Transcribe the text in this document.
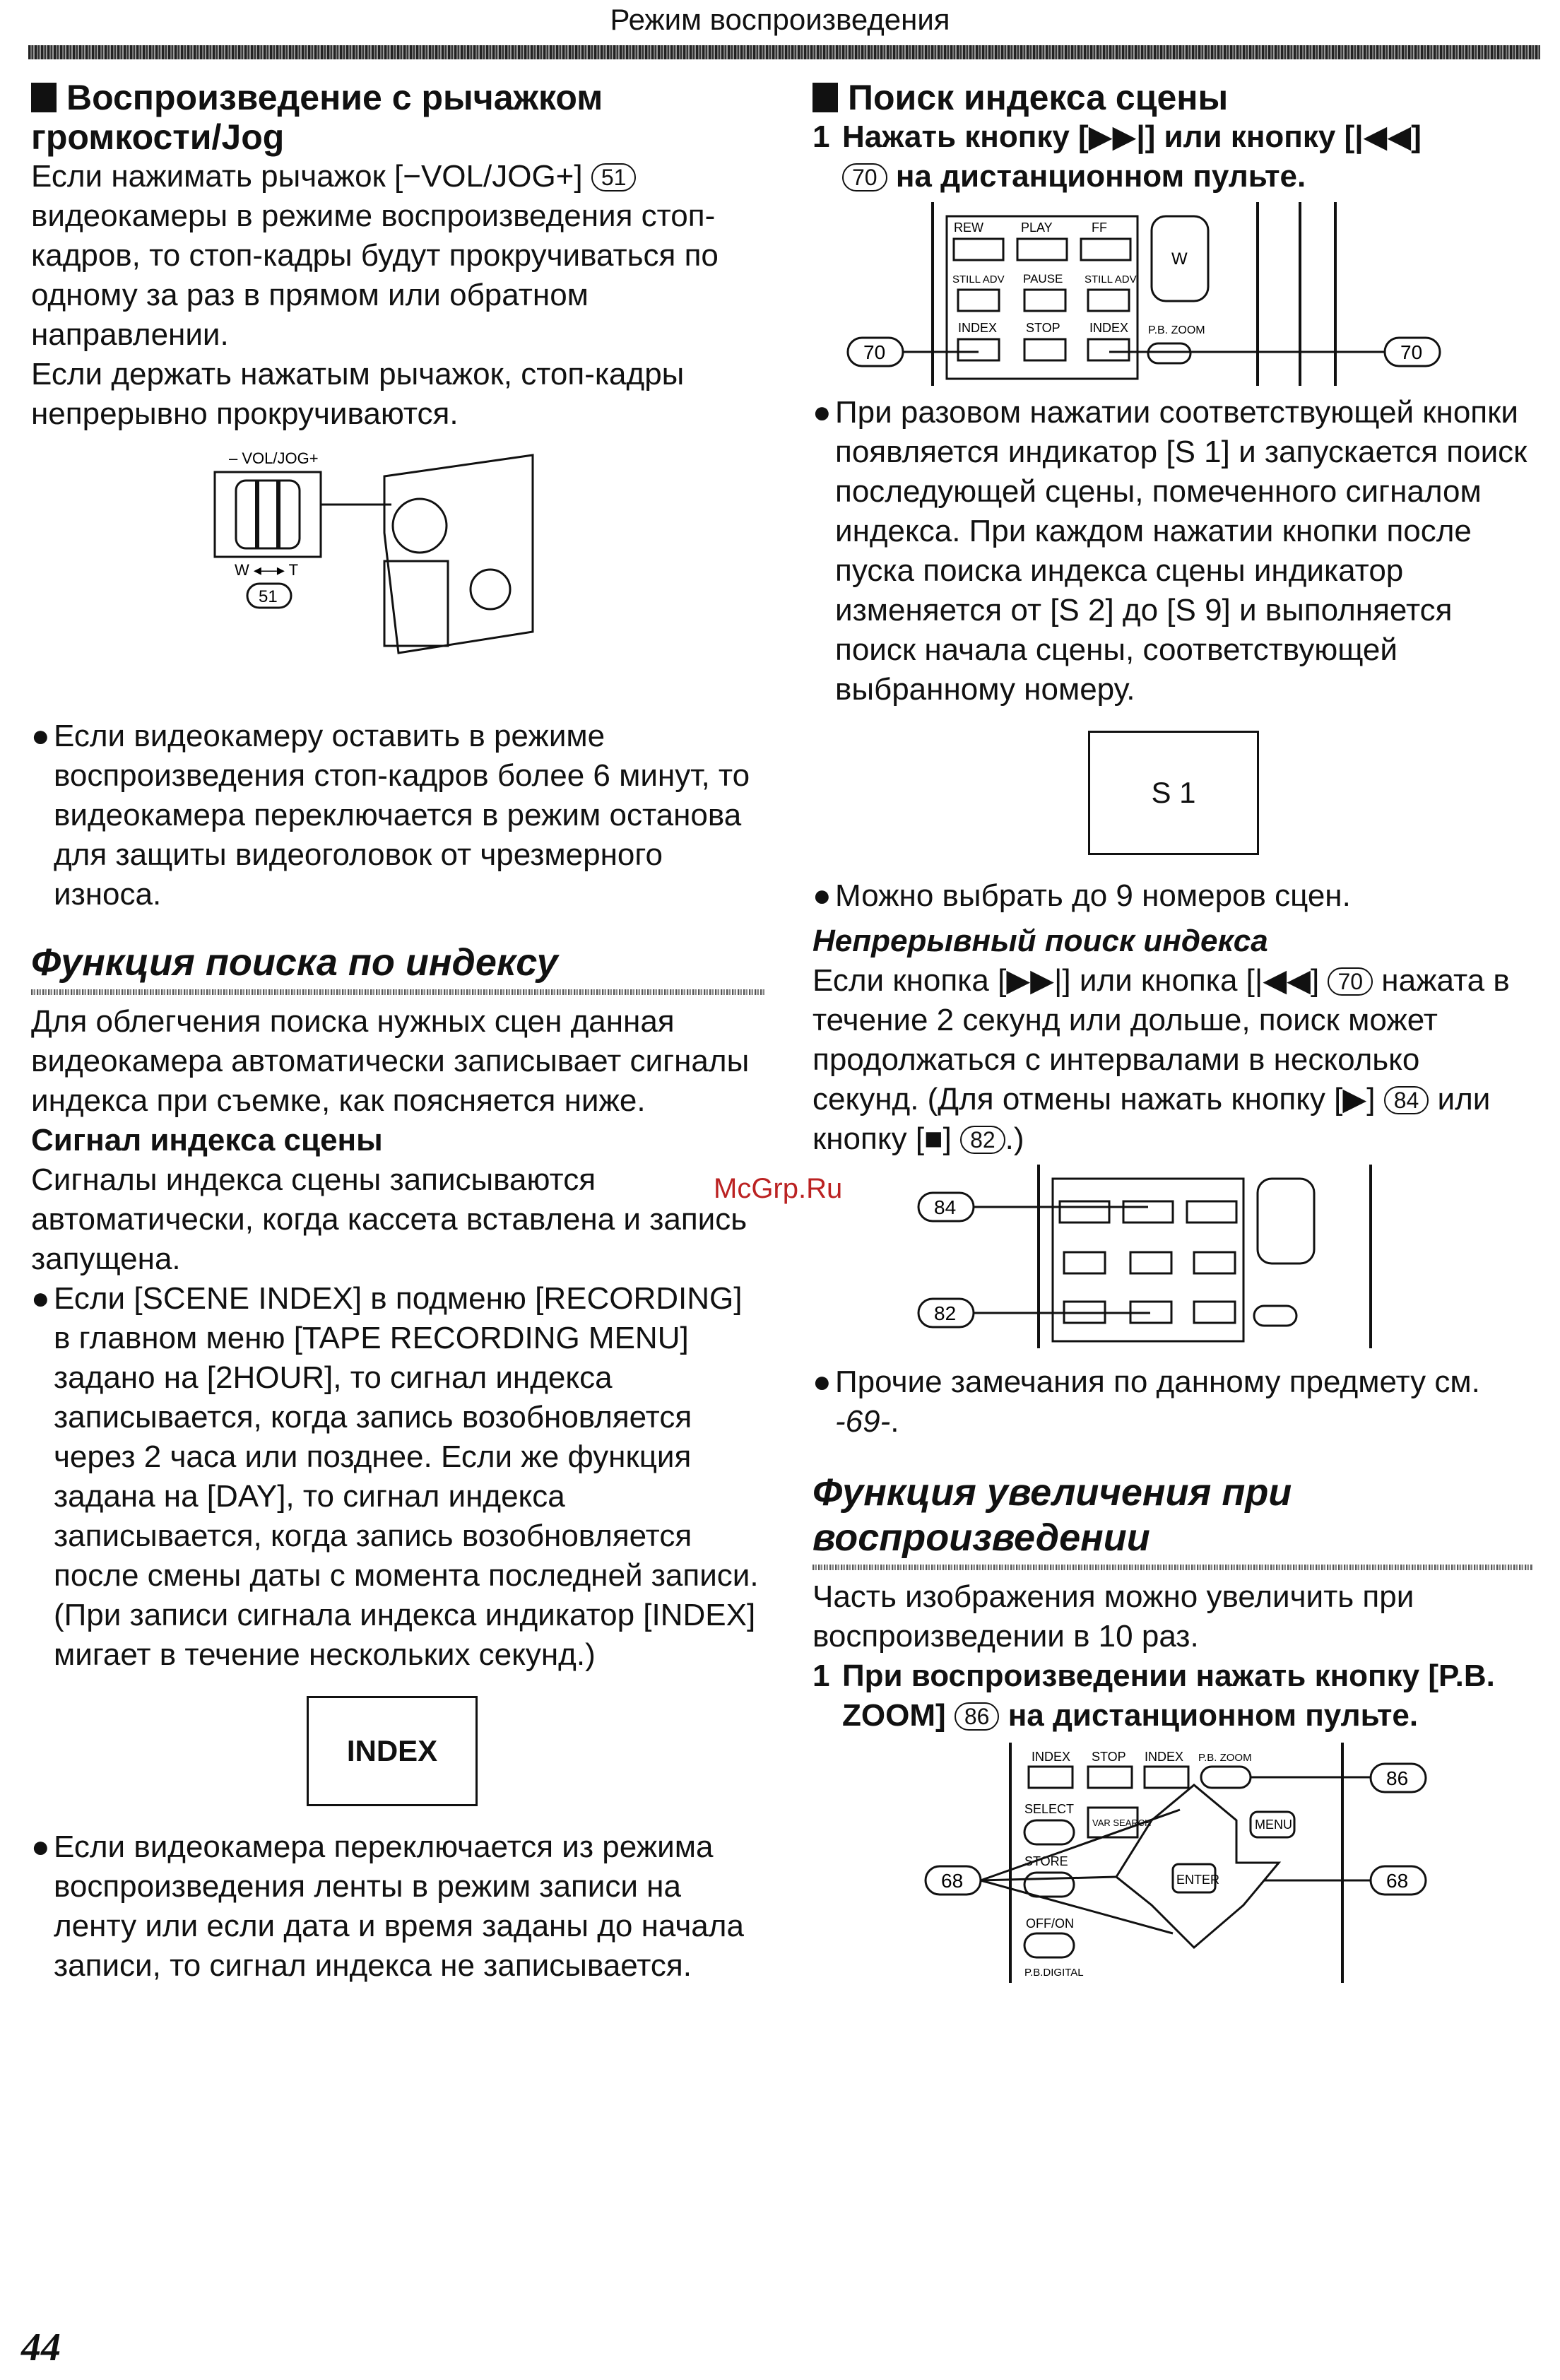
Режим воспроизведения
Воспроизведение с рычажком громкости/Jog

Если нажимать рычажок [−VOL/JOG+] 51 видеокамеры в режиме воспроизведения стоп-кадров, то стоп-кадры будут прокручиваться по одному за раз в прямом или обратном направлении.

Если держать нажатым рычажок, стоп-кадры непрерывно прокручиваются.

– VOL/JOG+
W ◂—▸ T
51

● Если видеокамеру оставить в режиме воспроизведения стоп-кадров более 6 минут, то видеокамера переключается в режим останова для защиты видеоголовок от чрезмерного износа.

Функция поиска по индексу

Для облегчения поиска нужных сцен данная видеокамера автоматически записывает сигналы индекса при съемке, как поясняется ниже.

Сигнал индекса сцены

Сигналы индекса сцены записываются автоматически, когда кассета вставлена и запись запущена.

● Если [SCENE INDEX] в подменю [RECORDING] в главном меню [TAPE RECORDING MENU] задано на [2HOUR], то сигнал индекса записывается, когда запись возобновляется через 2 часа или позднее. Если же функция задана на [DAY], то сигнал индекса записывается, когда запись возобновляется после смены даты с момента последней записи. (При записи сигнала индекса индикатор [INDEX] мигает в течение нескольких секунд.)

INDEX

● Если видеокамера переключается из режима воспроизведения ленты в режим записи на ленту или если дата и время заданы до начала записи, то сигнал индекса не записывается.

Поиск индекса сцены
1 Нажать кнопку [▶▶|] или кнопку [|◀◀]
70 на дистанционном пульте.
REW	PLAY	FF
STILL ADV PAUSE STILL ADV
INDEX STOP INDEX P.B. ZOOM
W
70	70

● При разовом нажатии соответствующей кнопки появляется индикатор [S 1] и запускается поиск последующей сцены, помеченного сигналом индекса. При каждом нажатии кнопки после пуска поиска индекса сцены индикатор изменяется от [S 2] до [S 9] и выполняется поиск начала сцены, соответствующей выбранному номеру.

S 1

● Можно выбрать до 9 номеров сцен.

Непрерывный поиск индекса

Если кнопка [▶▶|] или кнопка [|◀◀] 70 нажата в течение 2 секунд или дольше, поиск может продолжаться с интервалами в несколько секунд. (Для отмены нажать кнопку [▶] 84 или кнопку [■] 82 .)

84
82

● Прочие замечания по данному предмету см. -69-.

Функция увеличения при воспроизведении

Часть изображения можно увеличить при воспроизведении в 10 раз.

1 При воспроизведении нажать кнопку [P.B. ZOOM] 86 на дистанционном пульте.
INDEX STOP INDEX P.B. ZOOM
SELECT
VAR SEARCH	MENU
STORE
ENTER
OFF/ON
P.B.DIGITAL
86
68	68
McGrp.Ru
44
